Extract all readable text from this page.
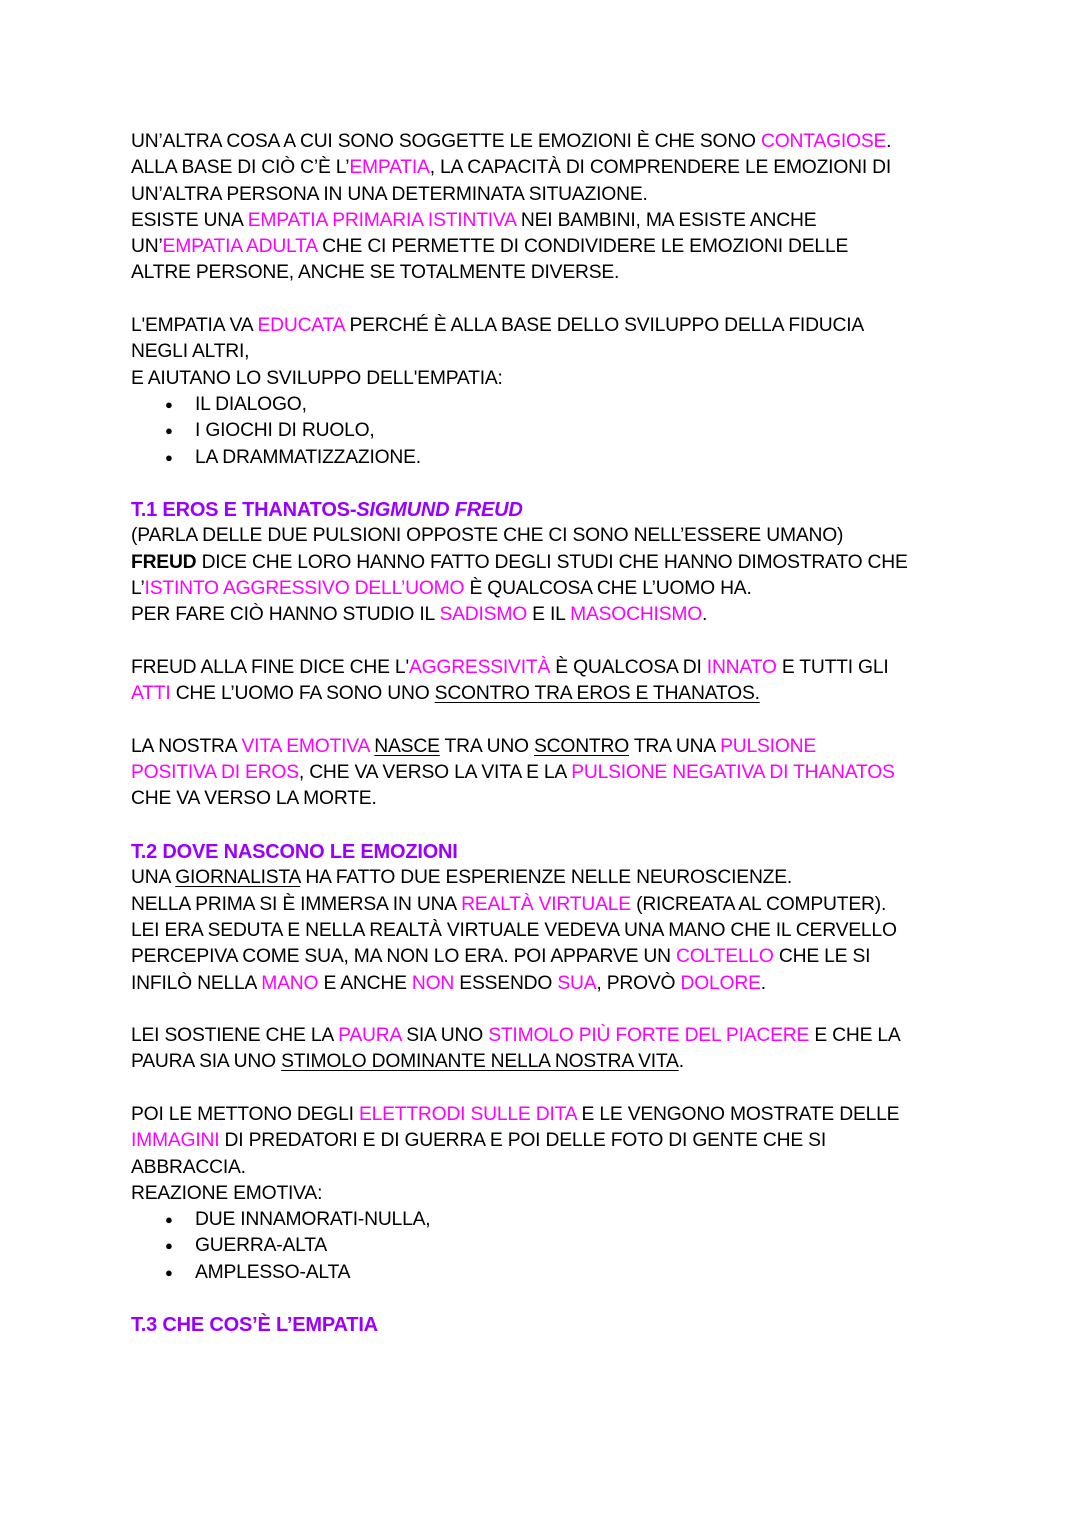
UN’ALTRA COSA A CUI SONO SOGGETTE LE EMOZIONI È CHE SONO CONTAGIOSE.

ALLA BASE DI CIÒ C’È L’EMPATIA, LA CAPACITÀ DI COMPRENDERE LE EMOZIONI DI

UN’ALTRA PERSONA IN UNA DETERMINATA SITUAZIONE.

ESISTE UNA EMPATIA PRIMARIA ISTINTIVA NEI BAMBINI, MA ESISTE ANCHE

UN’EMPATIA ADULTA CHE CI PERMETTE DI CONDIVIDERE LE EMOZIONI DELLE

ALTRE PERSONE, ANCHE SE TOTALMENTE DIVERSE.

L'EMPATIA VA EDUCATA PERCHÉ È ALLA BASE DELLO SVILUPPO DELLA FIDUCIA

NEGLI ALTRI,

E AIUTANO LO SVILUPPO DELL'EMPATIA:

● IL DIALOGO,
● I GIOCHI DI RUOLO,
● LA DRAMMATIZZAZIONE.

T.1 EROS E THANATOS-SIGMUND FREUD

(PARLA DELLE DUE PULSIONI OPPOSTE CHE CI SONO NELL’ESSERE UMANO)

FREUD DICE CHE LORO HANNO FATTO DEGLI STUDI CHE HANNO DIMOSTRATO CHE

L’ISTINTO AGGRESSIVO DELL’UOMO È QUALCOSA CHE L’UOMO HA.

PER FARE CIÒ HANNO STUDIO IL SADISMO E IL MASOCHISMO.

FREUD ALLA FINE DICE CHE L'AGGRESSIVITÀ È QUALCOSA DI INNATO E TUTTI GLI

ATTI CHE L’UOMO FA SONO UNO SCONTRO TRA EROS E THANATOS.

LA NOSTRA VITA EMOTIVA NASCE TRA UNO SCONTRO TRA UNA PULSIONE

POSITIVA DI EROS, CHE VA VERSO LA VITA E LA PULSIONE NEGATIVA DI THANATOS

CHE VA VERSO LA MORTE.

T.2 DOVE NASCONO LE EMOZIONI

UNA GIORNALISTA HA FATTO DUE ESPERIENZE NELLE NEUROSCIENZE.

NELLA PRIMA SI È IMMERSA IN UNA REALTÀ VIRTUALE (RICREATA AL COMPUTER).

LEI ERA SEDUTA E NELLA REALTÀ VIRTUALE VEDEVA UNA MANO CHE IL CERVELLO

PERCEPIVA COME SUA, MA NON LO ERA. POI APPARVE UN COLTELLO CHE LE SI

INFILÒ NELLA MANO E ANCHE NON ESSENDO SUA, PROVÒ DOLORE.

LEI SOSTIENE CHE LA PAURA SIA UNO STIMOLO PIÙ FORTE DEL PIACERE E CHE LA

PAURA SIA UNO STIMOLO DOMINANTE NELLA NOSTRA VITA.

POI LE METTONO DEGLI ELETTRODI SULLE DITA E LE VENGONO MOSTRATE DELLE

IMMAGINI DI PREDATORI E DI GUERRA E POI DELLE FOTO DI GENTE CHE SI

ABBRACCIA.

REAZIONE EMOTIVA:

● DUE INNAMORATI-NULLA,
● GUERRA-ALTA
● AMPLESSO-ALTA

T.3 CHE COS’È L’EMPATIA
